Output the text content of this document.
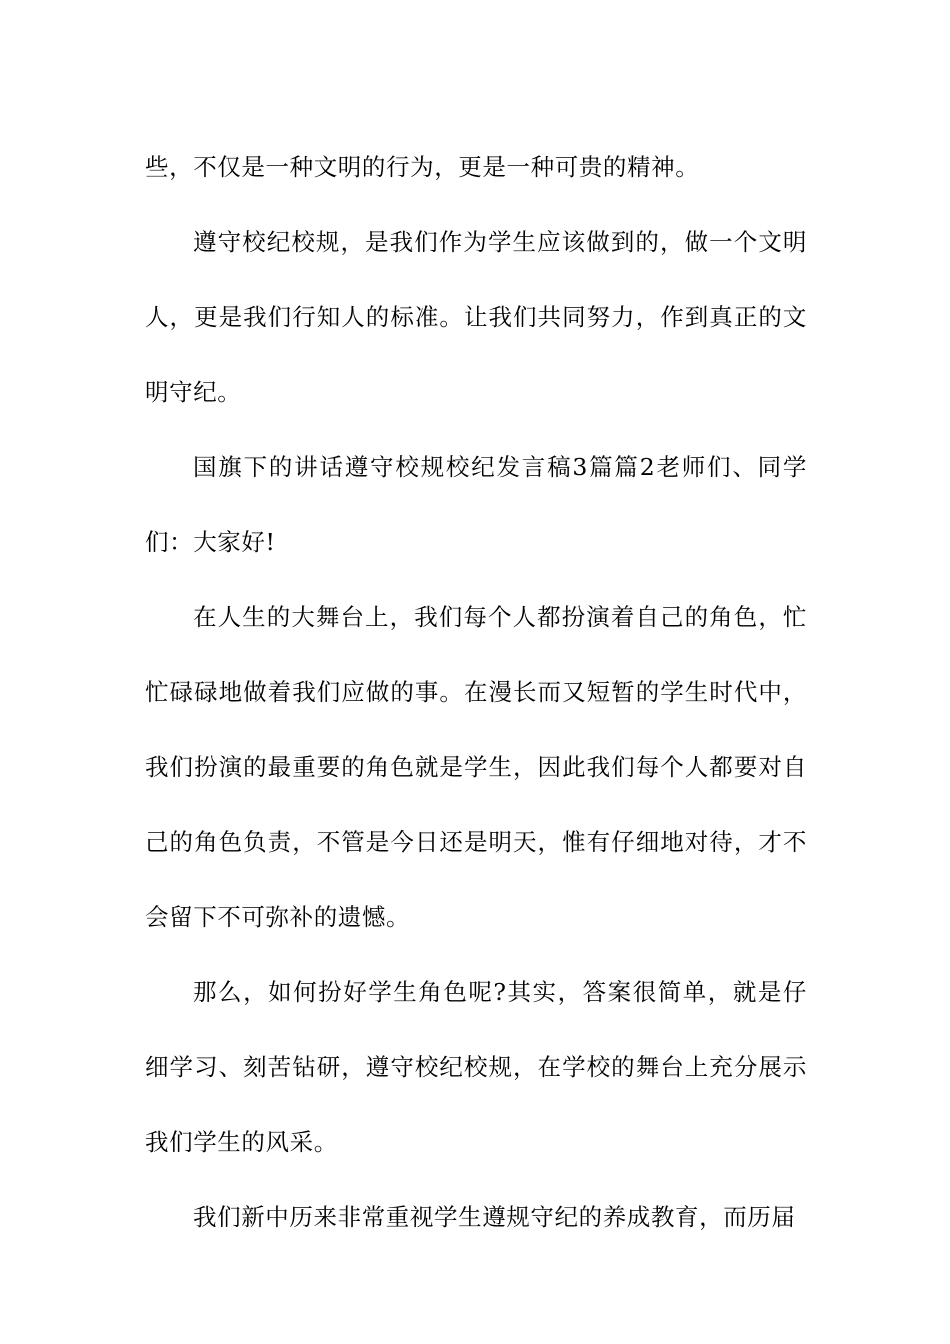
些，不仅是一种文明的行为，更是一种可贵的精神。

遵守校纪校规，是我们作为学生应该做到的，做一个文明人，更是我们行知人的标准。让我们共同努力，作到真正的文明守纪。

国旗下的讲话遵守校规校纪发言稿3篇篇2老师们、同学们：大家好!

在人生的大舞台上，我们每个人都扮演着自己的角色，忙忙碌碌地做着我们应做的事。在漫长而又短暂的学生时代中，我们扮演的最重要的角色就是学生，因此我们每个人都要对自己的角色负责，不管是今日还是明天，惟有仔细地对待，才不会留下不可弥补的遗憾。

那么，如何扮好学生角色呢?其实，答案很简单，就是仔细学习、刻苦钻研，遵守校纪校规，在学校的舞台上充分展示我们学生的风采。

我们新中历来非常重视学生遵规守纪的养成教育，而历届
